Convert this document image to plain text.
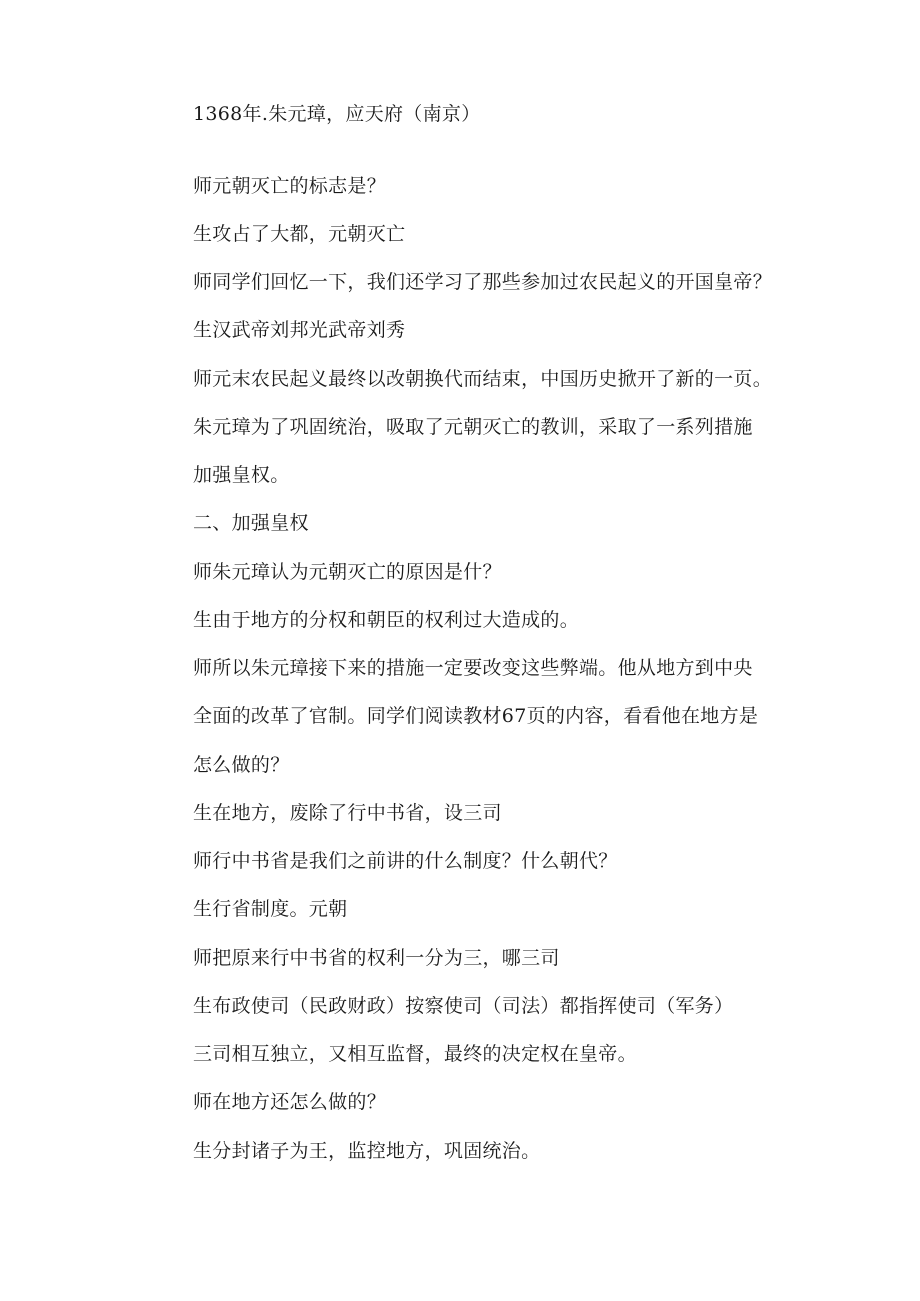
1368年.朱元璋，应天府（南京）
师元朝灭亡的标志是？
生攻占了大都，元朝灭亡
师同学们回忆一下，我们还学习了那些参加过农民起义的开国皇帝？
生汉武帝刘邦光武帝刘秀
师元末农民起义最终以改朝换代而结束，中国历史掀开了新的一页。
朱元璋为了巩固统治，吸取了元朝灭亡的教训，采取了一系列措施
加强皇权。
二、加强皇权
师朱元璋认为元朝灭亡的原因是什？
生由于地方的分权和朝臣的权利过大造成的。
师所以朱元璋接下来的措施一定要改变这些弊端。他从地方到中央
全面的改革了官制。同学们阅读教材67页的内容，看看他在地方是
怎么做的？
生在地方，废除了行中书省，设三司
师行中书省是我们之前讲的什么制度？什么朝代？
生行省制度。元朝
师把原来行中书省的权利一分为三，哪三司
生布政使司（民政财政）按察使司（司法）都指挥使司（军务）
三司相互独立，又相互监督，最终的决定权在皇帝。
师在地方还怎么做的？
生分封诸子为王，监控地方，巩固统治。
